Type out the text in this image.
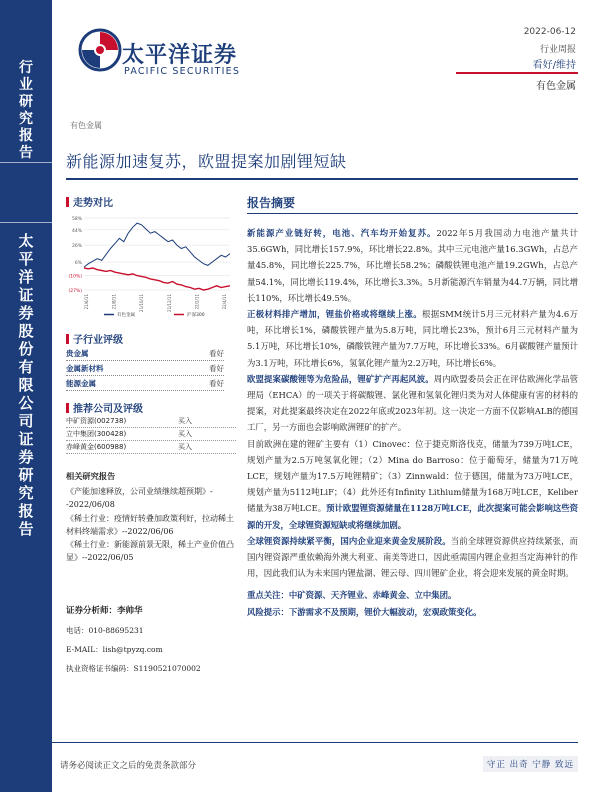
行
业
研
究
报
告
太
平
洋
证
券
股
份
有
限
公
司
证
券
研
究
报
告
太平洋证券
PACIFIC SECURITIES
2022-06-12
行业周报
看好/维持
有色金属
有色金属
新能源加速复苏，欧盟提案加剧锂短缺
走势对比
58%
44%
26%
6%
(10%)
(27%)
21/6/11	21/8/11	21/10/11	21/12/11	22/2/11	22/4/11
有色金属	沪深300
子行业评级
贵金属	看好
金属新材料	看好
能源金属	看好
推荐公司及评级
中矿资源(002738)	买入
立中集团(300428)	买入
赤峰黄金(600988)	买入
相关研究报告
《产能加速释放，公司业绩继续超预期》--2022/06/08
《稀土行业：疫情好转叠加政策利好，拉动稀土材料终端需求》--2022/06/06
《稀土行业：新能源前景无限，稀土产业价值凸显》--2022/06/05
证券分析师：李帅华
电话：010-88695231
E-MAIL：lish@tpyzq.com
执业资格证书编码：S1190521070002
报告摘要

新能源产业链好转，电池、汽车均开始复苏。2022年5月我国动力电池产量共计35.6GWh，同比增长157.9%，环比增长22.8%。其中三元电池产量16.3GWh，占总产量45.8%，同比增长225.7%，环比增长58.2%；磷酸铁锂电池产量19.2GWh，占总产量54.1%，同比增长119.4%，环比增长3.3%。5月新能源汽车销量为44.7万辆，同比增长110%，环比增长49.5%。

正极材料排产增加，锂盐价格或将继续上涨。根据SMM统计5月三元材料产量为4.6万吨，环比增长1%，磷酸铁锂产量为5.8万吨，同比增长23%，预计6月三元材料产量为5.1万吨，环比增长10%，磷酸铁锂产量为7.7万吨，环比增长33%。6月碳酸锂产量预计为3.1万吨，环比增长6%，氢氧化锂产量为2.2万吨，环比增长6%。

欧盟提案碳酸锂等为危险品，锂矿扩产再起风波。周内欧盟委员会正在评估欧洲化学品管理局（EHCA）的一项关于将碳酸锂、氯化锂和氢氧化锂归类为对人体健康有害的材料的提案，对此提案最终决定在2022年底或2023年初。这一决定一方面不仅影响ALB的德国工厂，另一方面也会影响欧洲锂矿的扩产。

目前欧洲在建的锂矿主要有（1）Cinovec：位于捷克斯洛伐克，储量为739万吨LCE，规划产量为2.5万吨氢氧化锂；（2）Mina do Barroso：位于葡萄牙，储量为71万吨LCE，规划产量为17.5万吨锂精矿；（3）Zinnwald：位于德国，储量为73万吨LCE，规划产量为5112吨LiF；（4）此外还有Infinity Lithium储量为168万吨LCE，Keliber储量为38万吨LCE。预计欧盟锂资源储量在1128万吨LCE，此次提案可能会影响这些资源的开发，全球锂资源短缺或将继续加剧。

全球锂资源持续紧平衡，国内企业迎来黄金发展阶段。当前全球锂资源供应持续紧张，而国内锂资源严重依赖海外澳大利亚、南美等进口，因此亟需国内锂企业担当定海神针的作用，因此我们认为未来国内锂盐湖、锂云母、四川锂矿企业，将会迎来发展的黄金时期。

重点关注：中矿资源、天齐锂业、赤峰黄金、立中集团。

风险提示：下游需求不及预期，锂价大幅波动，宏观政策变化。

请务必阅读正文之后的免责条款部分	守正 出奇 宁静 致远
